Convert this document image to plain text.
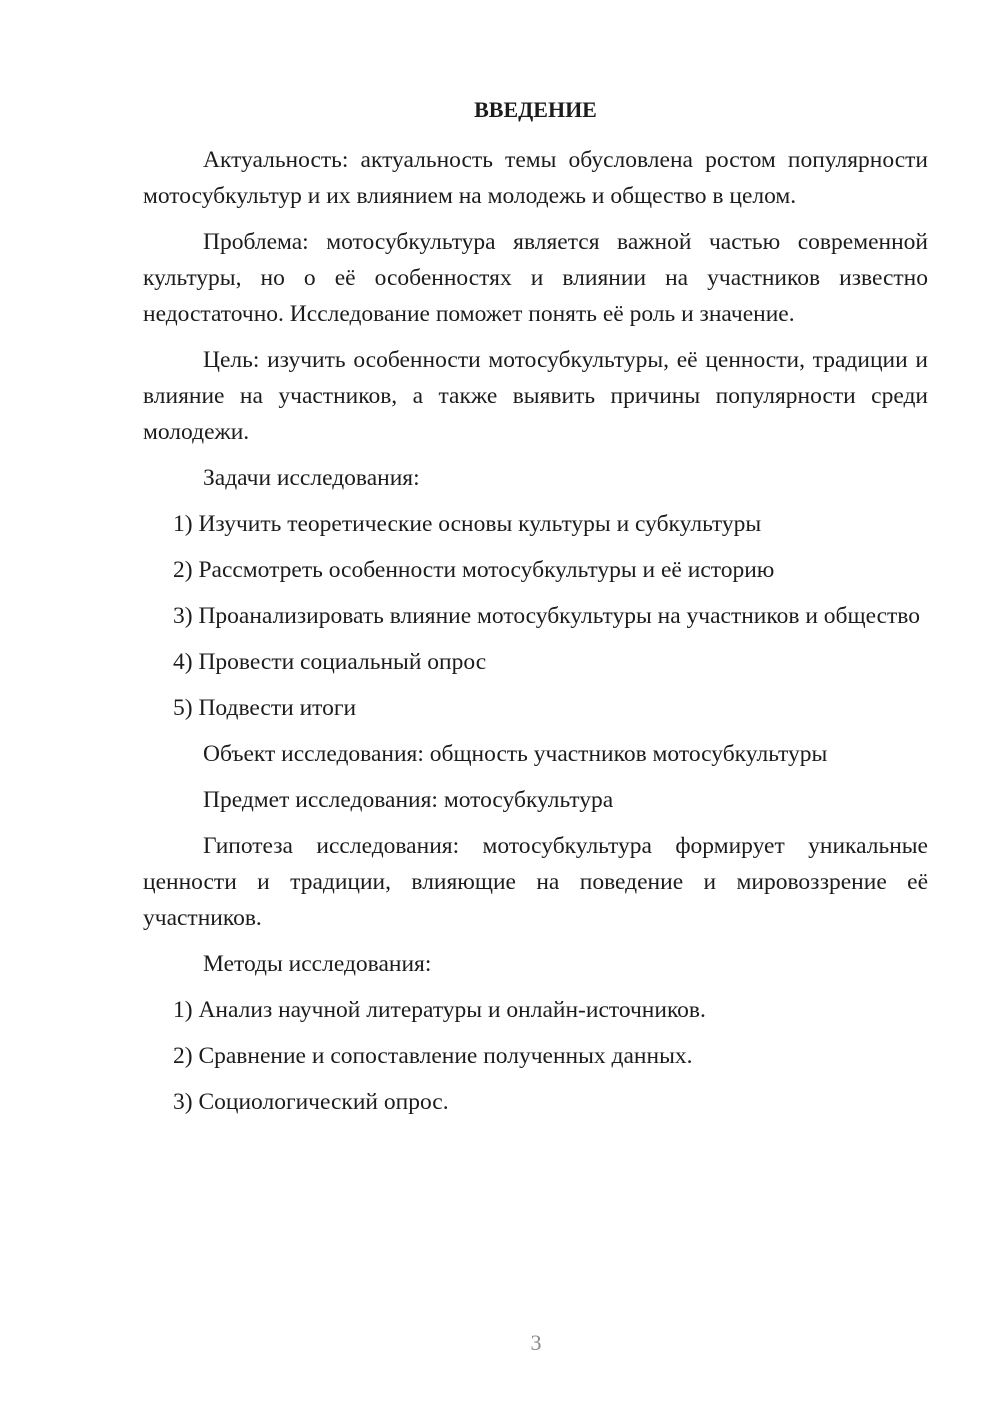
ВВЕДЕНИЕ

Актуальность: актуальность темы обусловлена ростом популярности мотосубкультур и их влиянием на молодежь и общество в целом.

Проблема: мотосубкультура является важной частью современной культуры, но о её особенностях и влиянии на участников известно недостаточно. Исследование поможет понять её роль и значение.

Цель: изучить особенности мотосубкультуры, её ценности, традиции и влияние на участников, а также выявить причины популярности среди молодежи.

Задачи исследования:

1) Изучить теоретические основы культуры и субкультуры

2) Рассмотреть особенности мотосубкультуры и её историю

3) Проанализировать влияние мотосубкультуры на участников и общество

4) Провести социальный опрос

5) Подвести итоги

Объект исследования: общность участников мотосубкультуры

Предмет исследования: мотосубкультура

Гипотеза исследования: мотосубкультура формирует уникальные ценности и традиции, влияющие на поведение и мировоззрение её участников.

Методы исследования:

1) Анализ научной литературы и онлайн-источников.

2) Сравнение и сопоставление полученных данных.

3) Социологический опрос.

3
